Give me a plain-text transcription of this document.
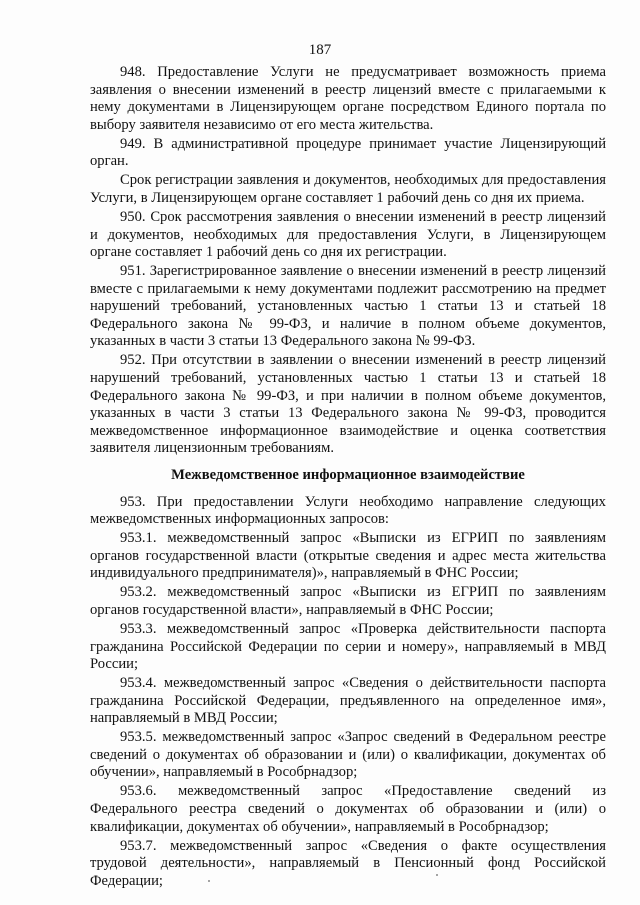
187

948. Предоставление Услуги не предусматривает возможность приема заявления о внесении изменений в реестр лицензий вместе с прилагаемыми к нему документами в Лицензирующем органе посредством Единого портала по выбору заявителя независимо от его места жительства.

949. В административной процедуре принимает участие Лицензирующий орган.

Срок регистрации заявления и документов, необходимых для предоставления Услуги, в Лицензирующем органе составляет 1 рабочий день со дня их приема.

950. Срок рассмотрения заявления о внесении изменений в реестр лицензий и документов, необходимых для предоставления Услуги, в Лицензирующем органе составляет 1 рабочий день со дня их регистрации.

951. Зарегистрированное заявление о внесении изменений в реестр лицензий вместе с прилагаемыми к нему документами подлежит рассмотрению на предмет нарушений требований, установленных частью 1 статьи 13 и статьей 18 Федерального закона № 99-ФЗ, и наличие в полном объеме документов, указанных в части 3 статьи 13 Федерального закона № 99-ФЗ.

952. При отсутствии в заявлении о внесении изменений в реестр лицензий нарушений требований, установленных частью 1 статьи 13 и статьей 18 Федерального закона № 99-ФЗ, и при наличии в полном объеме документов, указанных в части 3 статьи 13 Федерального закона № 99-ФЗ, проводится межведомственное информационное взаимодействие и оценка соответствия заявителя лицензионным требованиям.

Межведомственное информационное взаимодействие

953. При предоставлении Услуги необходимо направление следующих межведомственных информационных запросов:

953.1. межведомственный запрос «Выписки из ЕГРИП по заявлениям органов государственной власти (открытые сведения и адрес места жительства индивидуального предпринимателя)», направляемый в ФНС России;

953.2. межведомственный запрос «Выписки из ЕГРИП по заявлениям органов государственной власти», направляемый в ФНС России;

953.3. межведомственный запрос «Проверка действительности паспорта гражданина Российской Федерации по серии и номеру», направляемый в МВД России;

953.4. межведомственный запрос «Сведения о действительности паспорта гражданина Российской Федерации, предъявленного на определенное имя», направляемый в МВД России;

953.5. межведомственный запрос «Запрос сведений в Федеральном реестре сведений о документах об образовании и (или) о квалификации, документах об обучении», направляемый в Рособрнадзор;

953.6. межведомственный запрос «Предоставление сведений из Федерального реестра сведений о документах об образовании и (или) о квалификации, документах об обучении», направляемый в Рособрнадзор;

953.7. межведомственный запрос «Сведения о факте осуществления трудовой деятельности», направляемый в Пенсионный фонд Российской Федерации;
